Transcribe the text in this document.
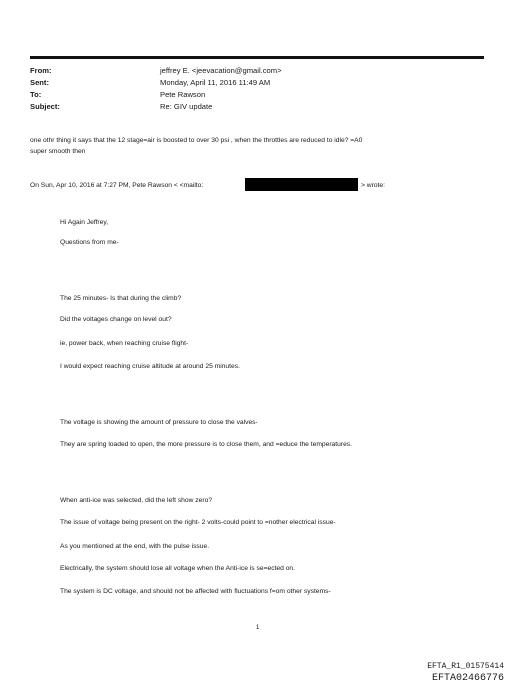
From:	jeffrey E. <jeevacation@gmail.com>
Sent:	Monday, April 11, 2016 11:49 AM
To:	Pete Rawson
Subject:	Re: GIV update
one othr thing it says that the 12 stage=air is boosted to over 30 psi , when the throttles are reduced to idle? =A0
super smooth then
On Sun, Apr 10, 2016 at 7:27 PM, Pete Rawson < <mailto:	> wrote:
Hi Again Jeffrey,
Questions from me-
The 25 minutes- Is that during the climb?
Did the voltages change on level out?
ie, power back, when reaching cruise flight-
I would expect reaching cruise altitude at around 25 minutes.
The voltage is showing the amount of pressure to close the valves-
They are spring loaded to open, the more pressure is to close them, and =educe the temperatures.
When anti-ice was selected, did the left show zero?
The issue of voltage being present on the right- 2 volts-could point to =nother electrical issue-
As you mentioned at the end, with the pulse issue.
Electrically, the system should lose all voltage when the Anti-ice is se=ected on.
The system is DC voltage, and should not be affected with fluctuations f=om other systems-
1
EFTA_R1_01575414
EFTA02466776
